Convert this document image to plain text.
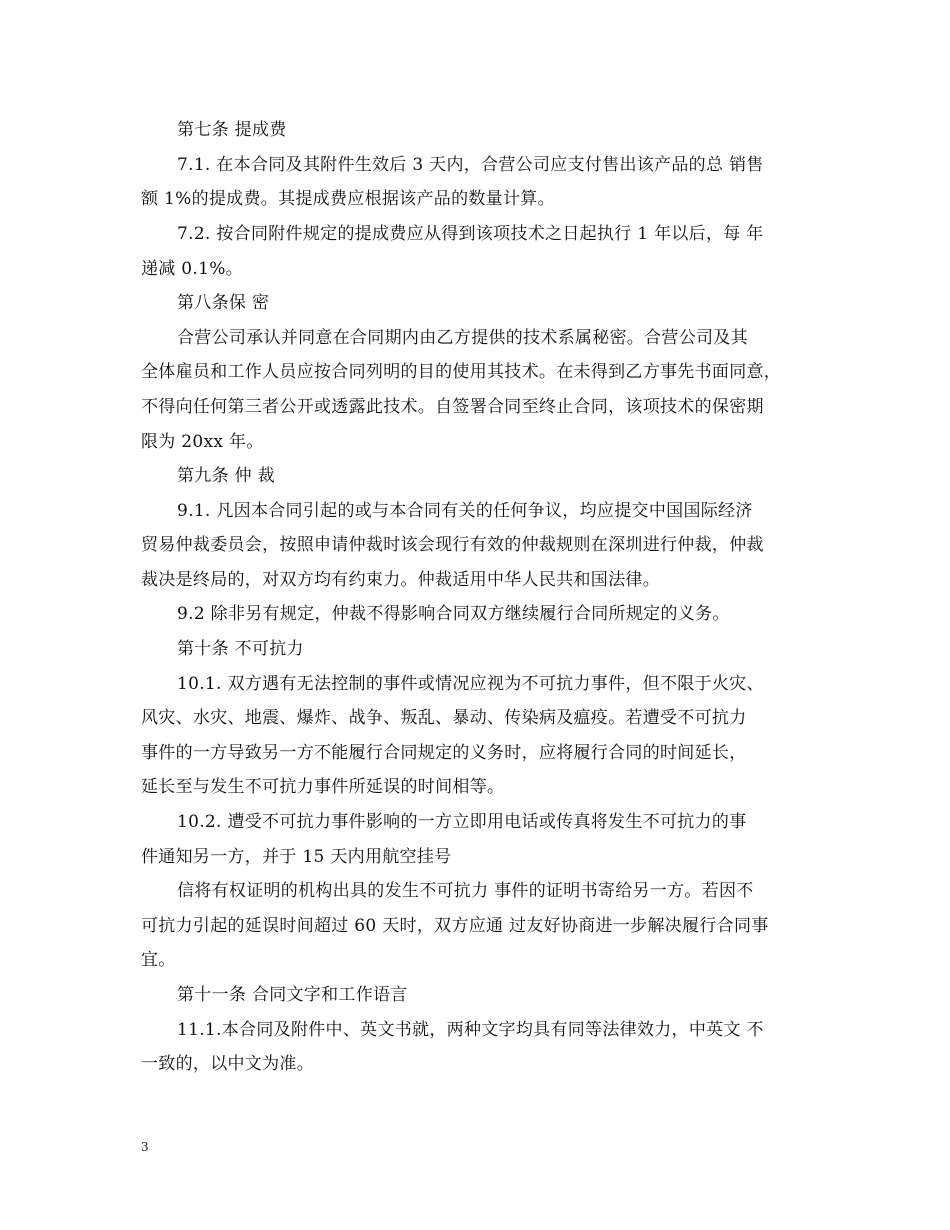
第七条 提成费
7.1. 在本合同及其附件生效后 3 天内，合营公司应支付售出该产品的总 销售
额 1%的提成费。其提成费应根据该产品的数量计算。
7.2. 按合同附件规定的提成费应从得到该项技术之日起执行 1 年以后，每 年
递减 0.1%。
第八条保 密
合营公司承认并同意在合同期内由乙方提供的技术系属秘密。合营公司及其
全体雇员和工作人员应按合同列明的目的使用其技术。在未得到乙方事先书面同意，
不得向任何第三者公开或透露此技术。自签署合同至终止合同，该项技术的保密期
限为 20xx 年。
第九条 仲 裁
9.1. 凡因本合同引起的或与本合同有关的任何争议，均应提交中国国际经济
贸易仲裁委员会，按照申请仲裁时该会现行有效的仲裁规则在深圳进行仲裁，仲裁
裁决是终局的，对双方均有约束力。仲裁适用中华人民共和国法律。
9.2 除非另有规定，仲裁不得影响合同双方继续履行合同所规定的义务。
第十条 不可抗力
10.1. 双方遇有无法控制的事件或情况应视为不可抗力事件，但不限于火灾、
风灾、水灾、地震、爆炸、战争、叛乱、暴动、传染病及瘟疫。若遭受不可抗力
事件的一方导致另一方不能履行合同规定的义务时，应将履行合同的时间延长，
延长至与发生不可抗力事件所延误的时间相等。
10.2. 遭受不可抗力事件影响的一方立即用电话或传真将发生不可抗力的事
件通知另一方，并于 15 天内用航空挂号
信将有权证明的机构出具的发生不可抗力 事件的证明书寄给另一方。若因不
可抗力引起的延误时间超过 60 天时，双方应通 过友好协商进一步解决履行合同事
宜。
第十一条 合同文字和工作语言
11.1.本合同及附件中、英文书就，两种文字均具有同等法律效力，中英文 不
一致的，以中文为准。
3
